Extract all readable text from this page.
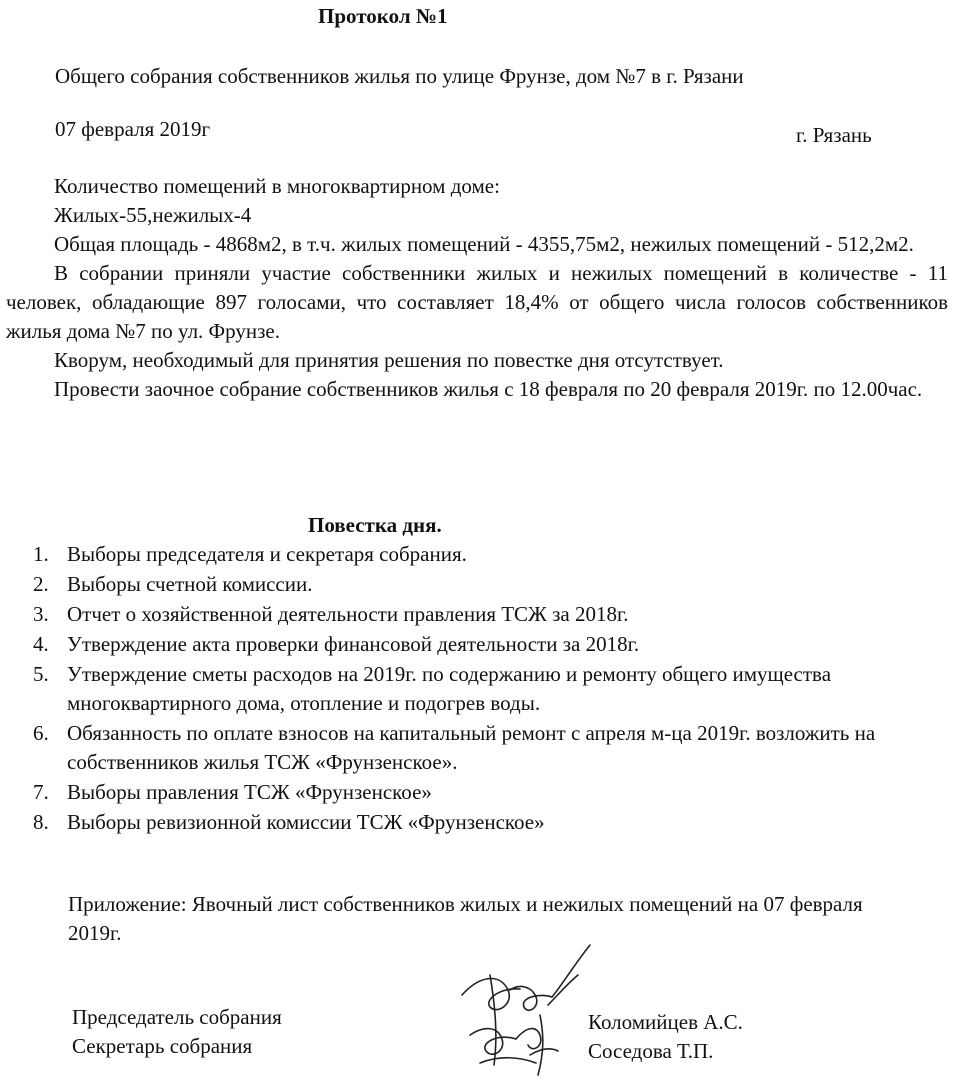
Протокол №1
Общего собрания собственников жилья по улице Фрунзе, дом №7 в г. Рязани
07 февраля 2019г	г. Рязань

Количество помещений в многоквартирном доме:

Жилых-55,нежилых-4

Общая площадь - 4868м2, в т.ч. жилых помещений - 4355,75м2, нежилых помещений - 512,2м2.

В собрании приняли участие собственники жилых и нежилых помещений в количестве - 11 человек, обладающие 897 голосами, что составляет 18,4% от общего числа голосов собственников жилья дома №7 по ул. Фрунзе.

Кворум, необходимый для принятия решения по повестке дня отсутствует.

Провести заочное собрание собственников жилья с 18 февраля по 20 февраля 2019г. по 12.00час.

Повестка дня.
1. Выборы председателя и секретаря собрания.
2. Выборы счетной комиссии.
3. Отчет о хозяйственной деятельности правления ТСЖ за 2018г.
4. Утверждение акта проверки финансовой деятельности за 2018г.
5. Утверждение сметы расходов на 2019г. по содержанию и ремонту общего имущества многоквартирного дома, отопление и подогрев воды.
6. Обязанность по оплате взносов на капитальный ремонт с апреля м-ца 2019г. возложить на собственников жилья ТСЖ «Фрунзенское».
7. Выборы правления ТСЖ «Фрунзенское»
8. Выборы ревизионной комиссии ТСЖ «Фрунзенское»

Приложение: Явочный лист собственников жилых и нежилых помещений на 07 февраля 2019г.

Председатель собрания
Секретарь собрания
Коломийцев А.С.
Соседова Т.П.
